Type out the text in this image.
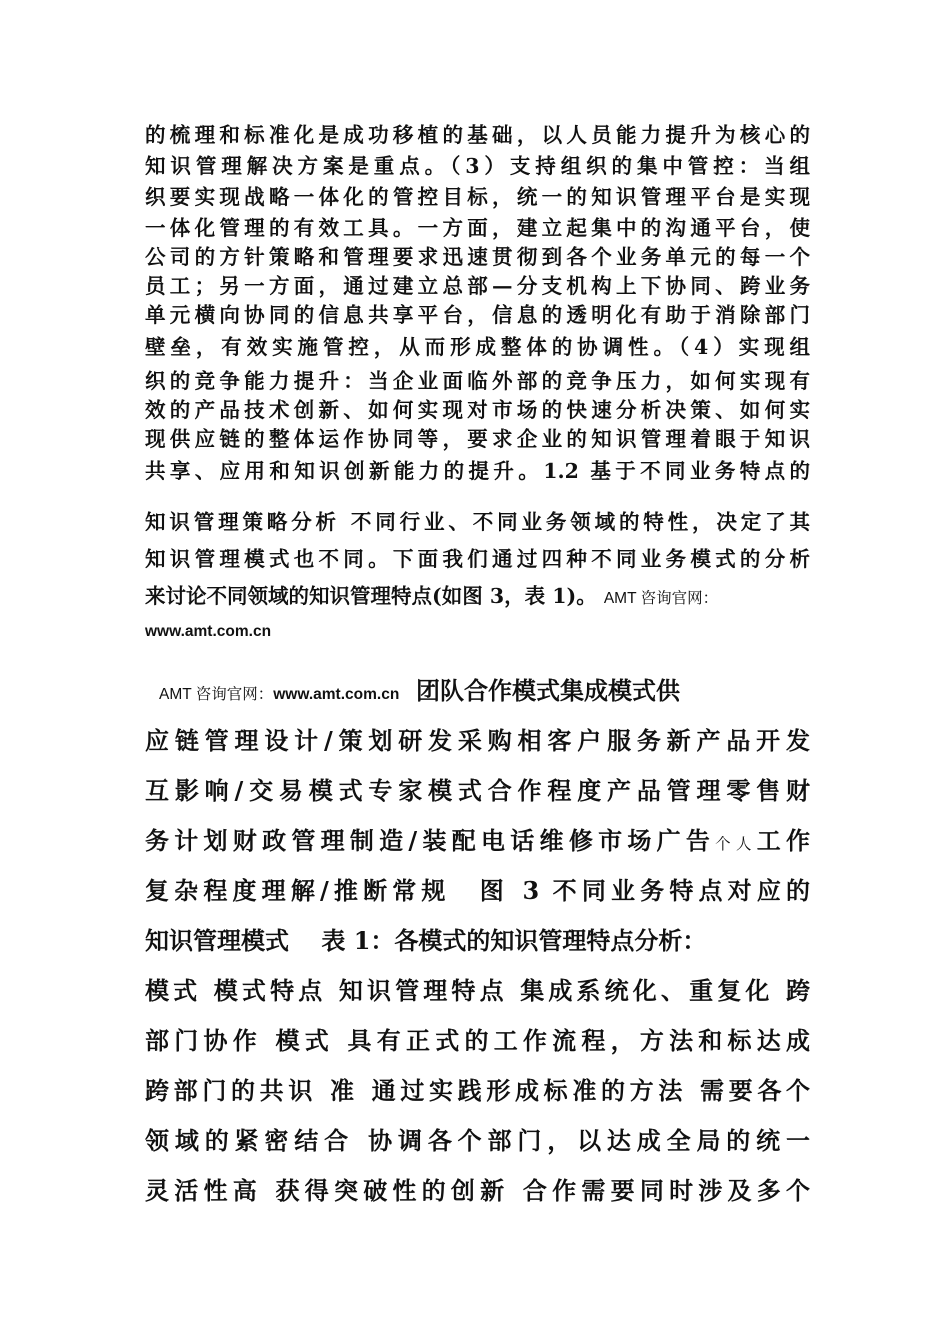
的梳理和标准化是成功移植的基础，以人员能力提升为核心的
知识管理解决方案是重点。（3）支持组织的集中管控：当组
织要实现战略一体化的管控目标，统一的知识管理平台是实现
一体化管理的有效工具。一方面，建立起集中的沟通平台，使
公司的方针策略和管理要求迅速贯彻到各个业务单元的每一个
员工；另一方面，通过建立总部—分支机构上下协同、跨业务
单元横向协同的信息共享平台，信息的透明化有助于消除部门
壁垒，有效实施管控，从而形成整体的协调性。（4）实现组
织的竞争能力提升：当企业面临外部的竞争压力，如何实现有
效的产品技术创新、如何实现对市场的快速分析决策、如何实
现供应链的整体运作协同等，要求企业的知识管理着眼于知识
共享、应用和知识创新能力的提升。1.2 基于不同业务特点的
知识管理策略分析 不同行业、不同业务领域的特性，决定了其
知识管理模式也不同。下面我们通过四种不同业务模式的分析
来讨论不同领域的知识管理特点(如图 3，表 1)。 AMT 咨询官网：
www.amt.com.cn
AMT 咨询官网：www.amt.com.cn 团队合作模式集成模式供
应链管理设计/策划研发采购相客户服务新产品开发
互影响/交易模式专家模式合作程度产品管理零售财
务计划财政管理制造/装配电话维修市场广告个人工作
复杂程度理解/推断常规　图 3 不同业务特点对应的
知识管理模式　 表 1：各模式的知识管理特点分析：
模式 模式特点 知识管理特点 集成系统化、重复化 跨
部门协作 模式 具有正式的工作流程，方法和标达成
跨部门的共识 准 通过实践形成标准的方法 需要各个
领域的紧密结合 协调各个部门，以达成全局的统一
灵活性高 获得突破性的创新 合作需要同时涉及多个
